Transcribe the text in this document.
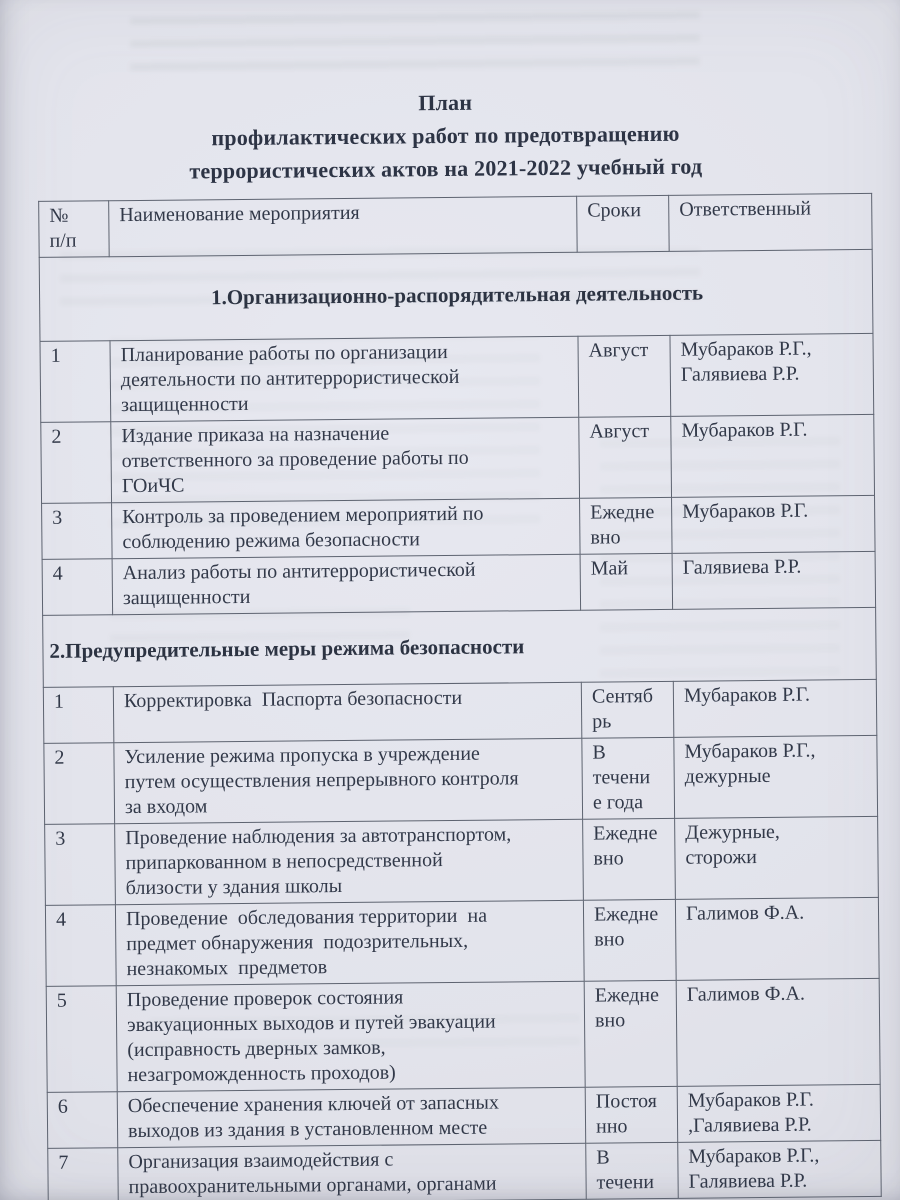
План
профилактических работ по предотвращению
террористических актов на 2021-2022 учебный год
№
п/п	Наименование мероприятия	Сроки	Ответственный
1.Организационно-распорядительная деятельность			
1	Планирование работы по организации
деятельности по антитеррористической
защищенности	Август	Мубараков Р.Г.,
Галявиева Р.Р.
2	Издание приказа на назначение
ответственного за проведение работы по
ГОиЧС	Август	Мубараков Р.Г.
3	Контроль за проведением мероприятий по
соблюдению режима безопасности	Ежедне
вно	Мубараков Р.Г.
4	Анализ работы по антитеррористической
защищенности	Май	Галявиева Р.Р.
2.Предупредительные меры режима безопасности			
1	Корректировка  Паспорта безопасности	Сентяб
рь	Мубараков Р.Г.
2	Усиление режима пропуска в учреждение
путем осуществления непрерывного контроля
за входом	В
течени
е года	Мубараков Р.Г.,
дежурные
3	Проведение наблюдения за автотранспортом,
припаркованном в непосредственной
близости у здания школы	Ежедне
вно	Дежурные,
сторожи
4	Проведение  обследования территории  на
предмет обнаружения  подозрительных,
незнакомых  предметов	Ежедне
вно	Галимов Ф.А.
5	Проведение проверок состояния
эвакуационных выходов и путей эвакуации
(исправность дверных замков,
незагроможденность проходов)	Ежедне
вно	Галимов Ф.А.
6	Обеспечение хранения ключей от запасных
выходов из здания в установленном месте	Постоя
нно	Мубараков Р.Г.
,Галявиева Р.Р.
7	Организация взаимодействия с
правоохранительными органами, органами	В
течени	Мубараков Р.Г.,
Галявиева Р.Р.
